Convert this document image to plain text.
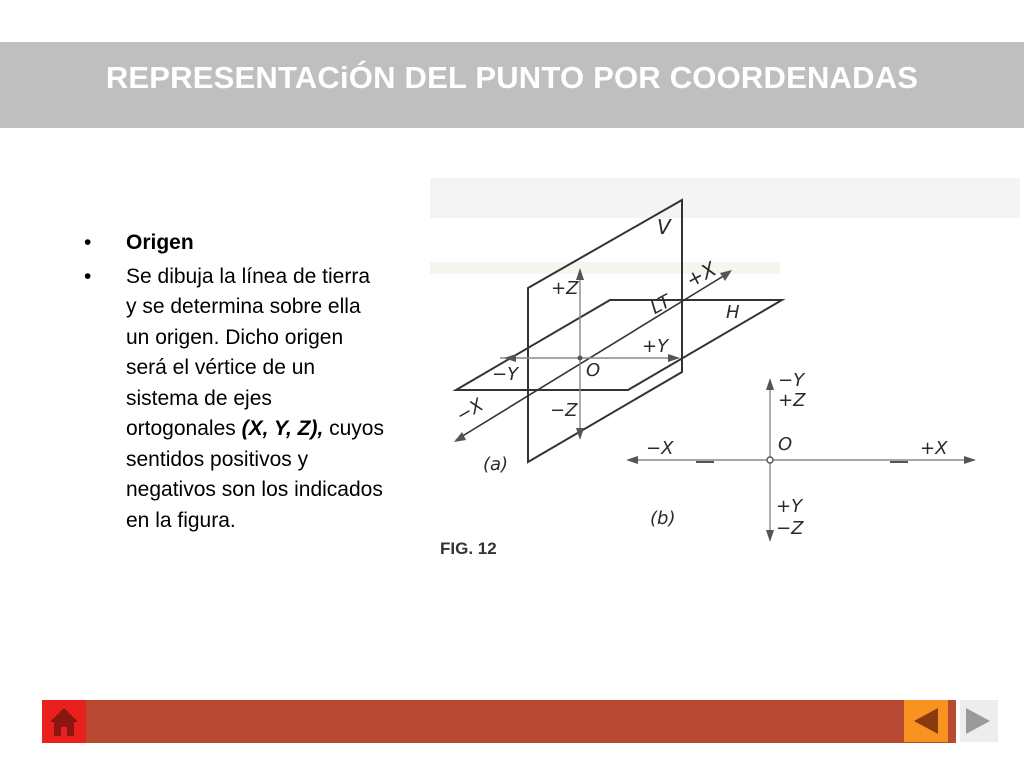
REPRESENTACiÓN DEL PUNTO POR COORDENADAS
• Origen
• Se dibuja la línea de tierra y se determina sobre ella un origen. Dicho origen será el vértice de un sistema de ejes ortogonales (X, Y, Z), cuyos sentidos positivos y negativos son los indicados en la figura.
V
+Z	+X
LT	H
+Y
−Y	O
−X	−Z
(a)
−Y
+Z
O
−X	+X
+Y
−Z
(b)
FIG. 12
